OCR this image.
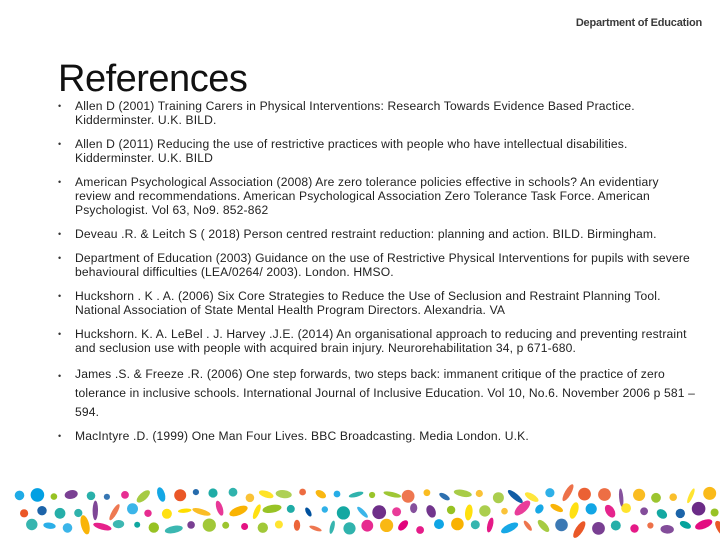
Department of Education
References
• Allen D (2001) Training Carers in Physical Interventions: Research Towards Evidence Based Practice. Kidderminster. U.K. BILD.
• Allen D (2011) Reducing the use of restrictive practices with people who have intellectual disabilities. Kidderminster. U.K. BILD
• American Psychological Association (2008) Are zero tolerance policies effective in schools? An evidentiary review and recommendations. American Psychological Association Zero Tolerance Task Force. American Psychologist. Vol 63, No9. 852-862
• Deveau .R. & Leitch S ( 2018) Person centred restraint reduction: planning and action. BILD. Birmingham.
• Department of Education (2003) Guidance on the use of Restrictive Physical Interventions for pupils with severe behavioural difficulties (LEA/0264/ 2003). London. HMSO.
• Huckshorn . K . A. (2006) Six Core Strategies to Reduce the Use of Seclusion and Restraint Planning Tool. National Association of State Mental Health Program Directors. Alexandria. VA
• Huckshorn. K. A. LeBel . J. Harvey .J.E. (2014) An organisational approach to reducing and preventing restraint and seclusion use with people with acquired brain injury. Neurorehabilitation 34, p 671-680.
• James .S. & Freeze .R. (2006) One step forwards, two steps back: immanent critique of the practice of zero tolerance in inclusive schools. International Journal of Inclusive Education. Vol 10, No.6. November 2006 p 581 – 594.
• MacIntyre .D. (1999) One Man Four Lives. BBC Broadcasting. Media London. U.K.
